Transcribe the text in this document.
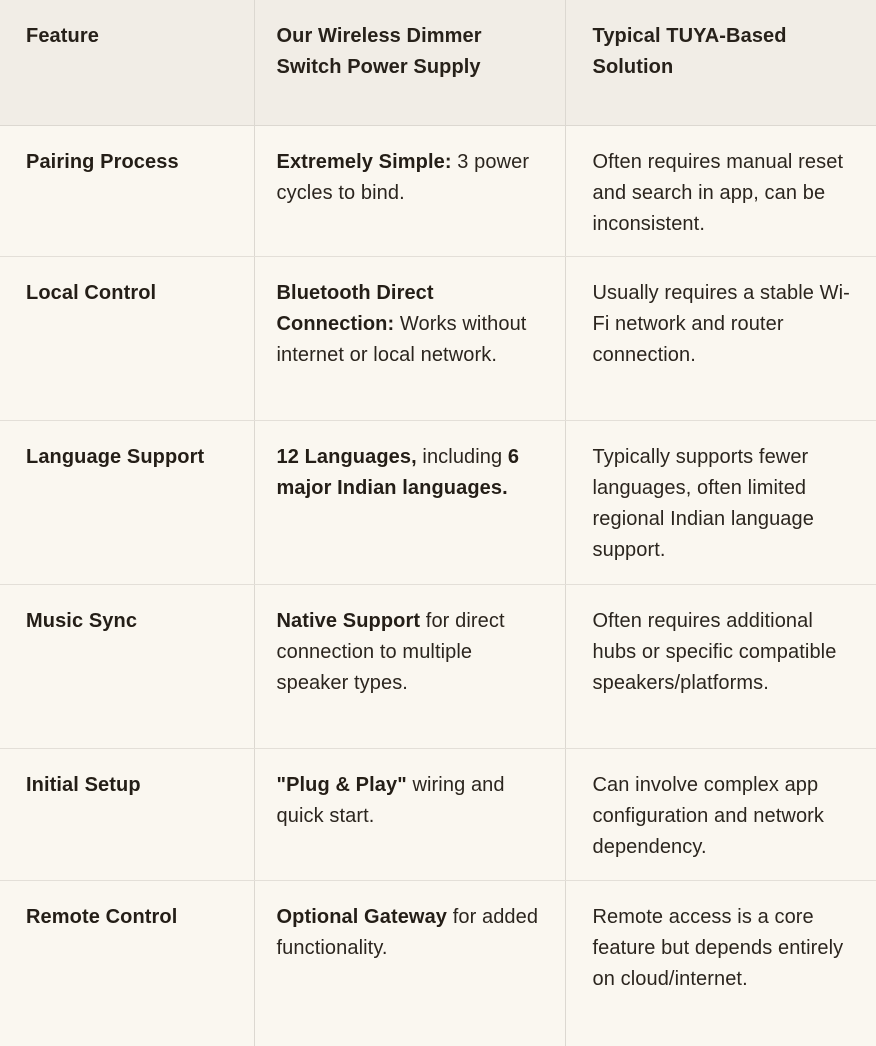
Feature	Our Wireless Dimmer Switch Power Supply	Typical TUYA-Based Solution
Pairing Process	Extremely Simple: 3 power cycles to bind.	Often requires manual reset and search in app, can be inconsistent.
Local Control	Bluetooth Direct Connection: Works without internet or local network.	Usually requires a stable Wi-Fi network and router connection.
Language Support	12 Languages, including 6 major Indian languages.	Typically supports fewer languages, often limited regional Indian language support.
Music Sync	Native Support for direct connection to multiple speaker types.	Often requires additional hubs or specific compatible speakers/​platforms.
Initial Setup	"Plug & Play" wiring and quick start.	Can involve complex app configuration and network dependency.
Remote Control	Optional Gateway for added functionality.	Remote access is a core feature but depends entirely on cloud/​internet.
